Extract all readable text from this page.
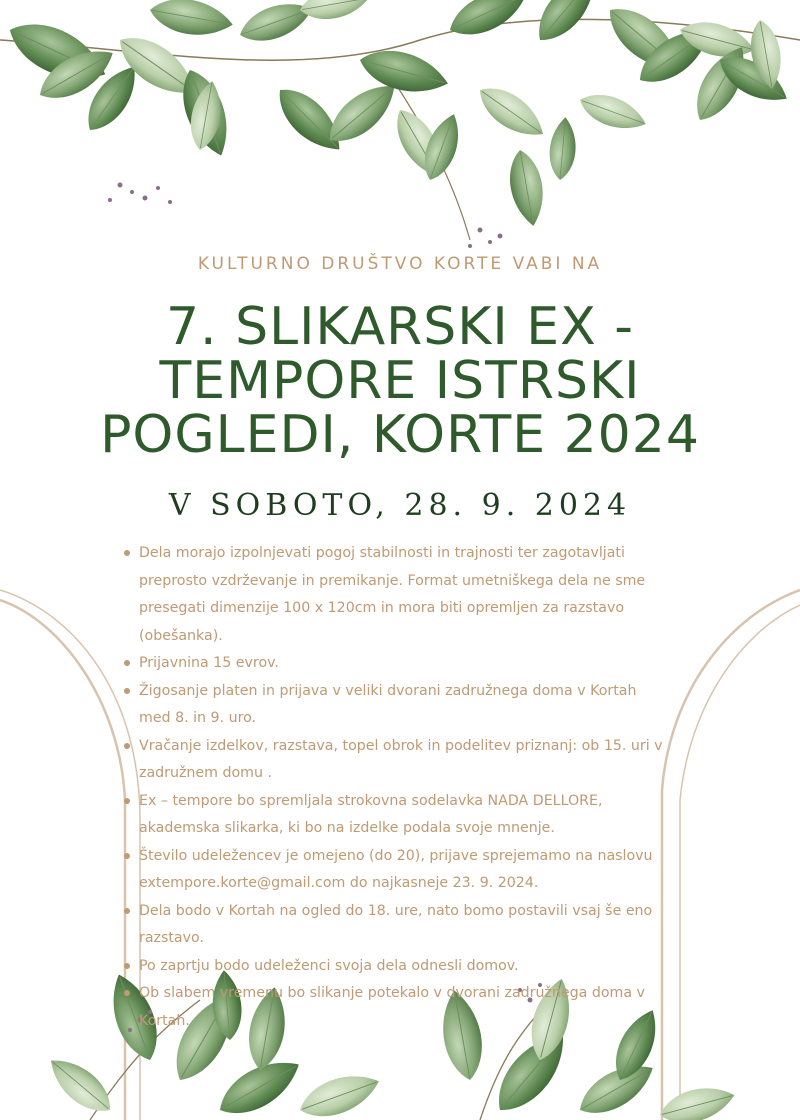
KULTURNO DRUŠTVO KORTE VABI NA
7. SLIKARSKI EX - TEMPORE ISTRSKI POGLEDI, KORTE 2024
V SOBOTO, 28. 9. 2024
Dela morajo izpolnjevati pogoj stabilnosti in trajnosti ter zagotavljati preprosto vzdrževanje in premikanje. Format umetniškega dela ne sme presegati dimenzije 100 x 120cm in mora biti opremljen za razstavo (obešanka).
Prijavnina 15 evrov.
Žigosanje platen in prijava v veliki dvorani zadružnega doma v Kortah med 8. in 9. uro.
Vračanje izdelkov, razstava, topel obrok in podelitev priznanj: ob 15. uri v zadružnem domu .
Ex – tempore bo spremljala strokovna sodelavka NADA DELLORE, akademska slikarka, ki bo na izdelke podala svoje mnenje.
Število udeležencev je omejeno (do 20), prijave sprejemamo na naslovu extempore.korte@gmail.com do najkasneje 23. 9. 2024.
Dela bodo v Kortah na ogled do 18. ure, nato bomo postavili vsaj še eno razstavo.
Po zaprtju bodo udeleženci svoja dela odnesli domov.
Ob slabem vremenu bo slikanje potekalo v dvorani zadružnega doma v Kortah.
